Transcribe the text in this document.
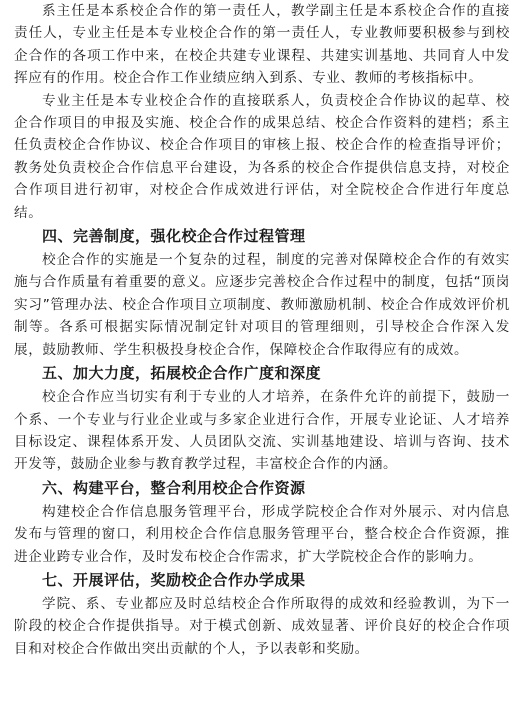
系主任是本系校企合作的第一责任人，教学副主任是本系校企合作的直接责任人，专业主任是本专业校企合作的第一责任人，专业教师要积极参与到校企合作的各项工作中来，在校企共建专业课程、共建实训基地、共同育人中发挥应有的作用。校企合作工作业绩应纳入到系、专业、教师的考核指标中。

专业主任是本专业校企合作的直接联系人，负责校企合作协议的起草、校企合作项目的申报及实施、校企合作的成果总结、校企合作资料的建档；系主任负责校企合作协议、校企合作项目的审核上报、校企合作的检查指导评价；教务处负责校企合作信息平台建设，为各系的校企合作提供信息支持，对校企合作项目进行初审，对校企合作成效进行评估，对全院校企合作进行年度总结。

四、完善制度，强化校企合作过程管理

校企合作的实施是一个复杂的过程，制度的完善对保障校企合作的有效实施与合作质量有着重要的意义。应逐步完善校企合作过程中的制度，包括“顶岗实习”管理办法、校企合作项目立项制度、教师激励机制、校企合作成效评价机制等。各系可根据实际情况制定针对项目的管理细则，引导校企合作深入发展，鼓励教师、学生积极投身校企合作，保障校企合作取得应有的成效。

五、加大力度，拓展校企合作广度和深度

校企合作应当切实有利于专业的人才培养，在条件允许的前提下，鼓励一个系、一个专业与行业企业或与多家企业进行合作，开展专业论证、人才培养目标设定、课程体系开发、人员团队交流、实训基地建设、培训与咨询、技术开发等，鼓励企业参与教育教学过程，丰富校企合作的内涵。

六、构建平台，整合利用校企合作资源

构建校企合作信息服务管理平台，形成学院校企合作对外展示、对内信息发布与管理的窗口，利用校企合作信息服务管理平台，整合校企合作资源，推进企业跨专业合作，及时发布校企合作需求，扩大学院校企合作的影响力。

七、开展评估，奖励校企合作办学成果

学院、系、专业都应及时总结校企合作所取得的成效和经验教训，为下一阶段的校企合作提供指导。对于模式创新、成效显著、评价良好的校企合作项目和对校企合作做出突出贡献的个人，予以表彰和奖励。
